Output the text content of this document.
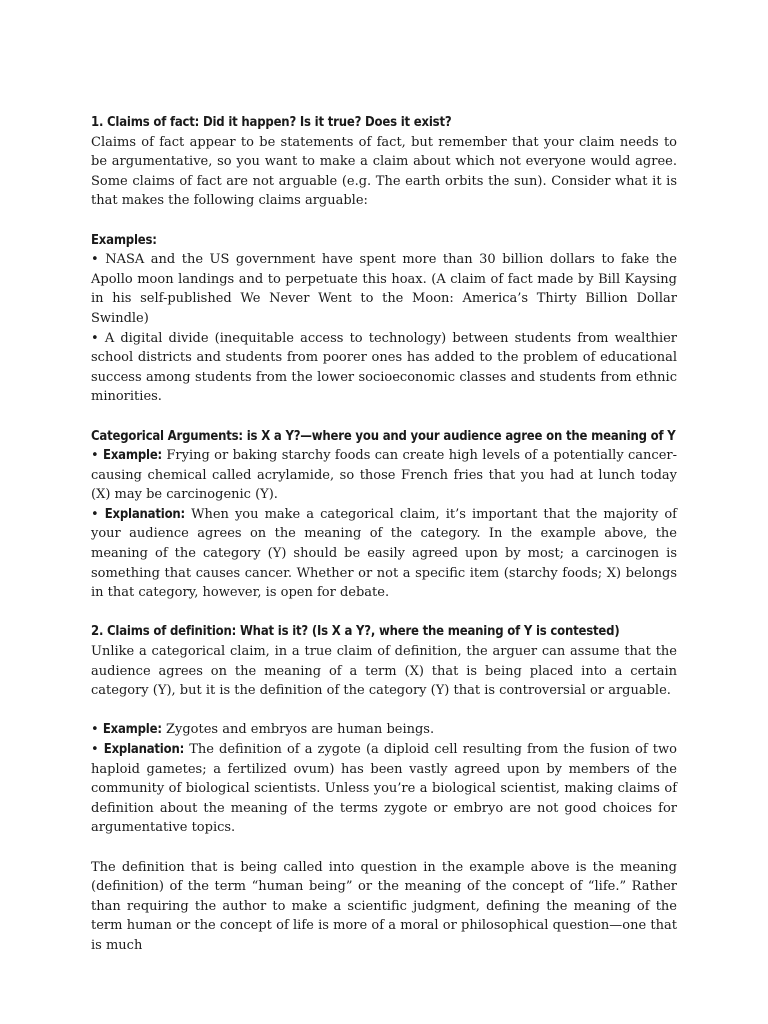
1. Claims of fact: Did it happen? Is it true? Does it exist?

Claims of fact appear to be statements of fact, but remember that your claim needs to be argumentative, so you want to make a claim about which not everyone would agree. Some claims of fact are not arguable (e.g. The earth orbits the sun). Consider what it is that makes the following claims arguable:

Examples:

• NASA and the US government have spent more than 30 billion dollars to fake the Apollo moon landings and to perpetuate this hoax. (A claim of fact made by Bill Kaysing in his self-published We Never Went to the Moon: America’s Thirty Billion Dollar Swindle)

• A digital divide (inequitable access to technology) between students from wealthier school districts and students from poorer ones has added to the problem of educational success among students from the lower socioeconomic classes and students from ethnic minorities.

Categorical Arguments: is X a Y?—where you and your audience agree on the meaning of Y

• Example: Frying or baking starchy foods can create high levels of a potentially cancer-causing chemical called acrylamide, so those French fries that you had at lunch today (X) may be carcinogenic (Y).

• Explanation: When you make a categorical claim, it’s important that the majority of your audience agrees on the meaning of the category. In the example above, the meaning of the category (Y) should be easily agreed upon by most; a carcinogen is something that causes cancer. Whether or not a specific item (starchy foods; X) belongs in that category, however, is open for debate.

2. Claims of definition: What is it? (Is X a Y?, where the meaning of Y is contested)

Unlike a categorical claim, in a true claim of definition, the arguer can assume that the audience agrees on the meaning of a term (X) that is being placed into a certain category (Y), but it is the definition of the category (Y) that is controversial or arguable.

• Example: Zygotes and embryos are human beings.

• Explanation: The definition of a zygote (a diploid cell resulting from the fusion of two haploid gametes; a fertilized ovum) has been vastly agreed upon by members of the community of biological scientists. Unless you’re a biological scientist, making claims of definition about the meaning of the terms zygote or embryo are not good choices for argumentative topics.

The definition that is being called into question in the example above is the meaning (definition) of the term “human being” or the meaning of the concept of “life.” Rather than requiring the author to make a scientific judgment, defining the meaning of the term human or the concept of life is more of a moral or philosophical question—one that is much
